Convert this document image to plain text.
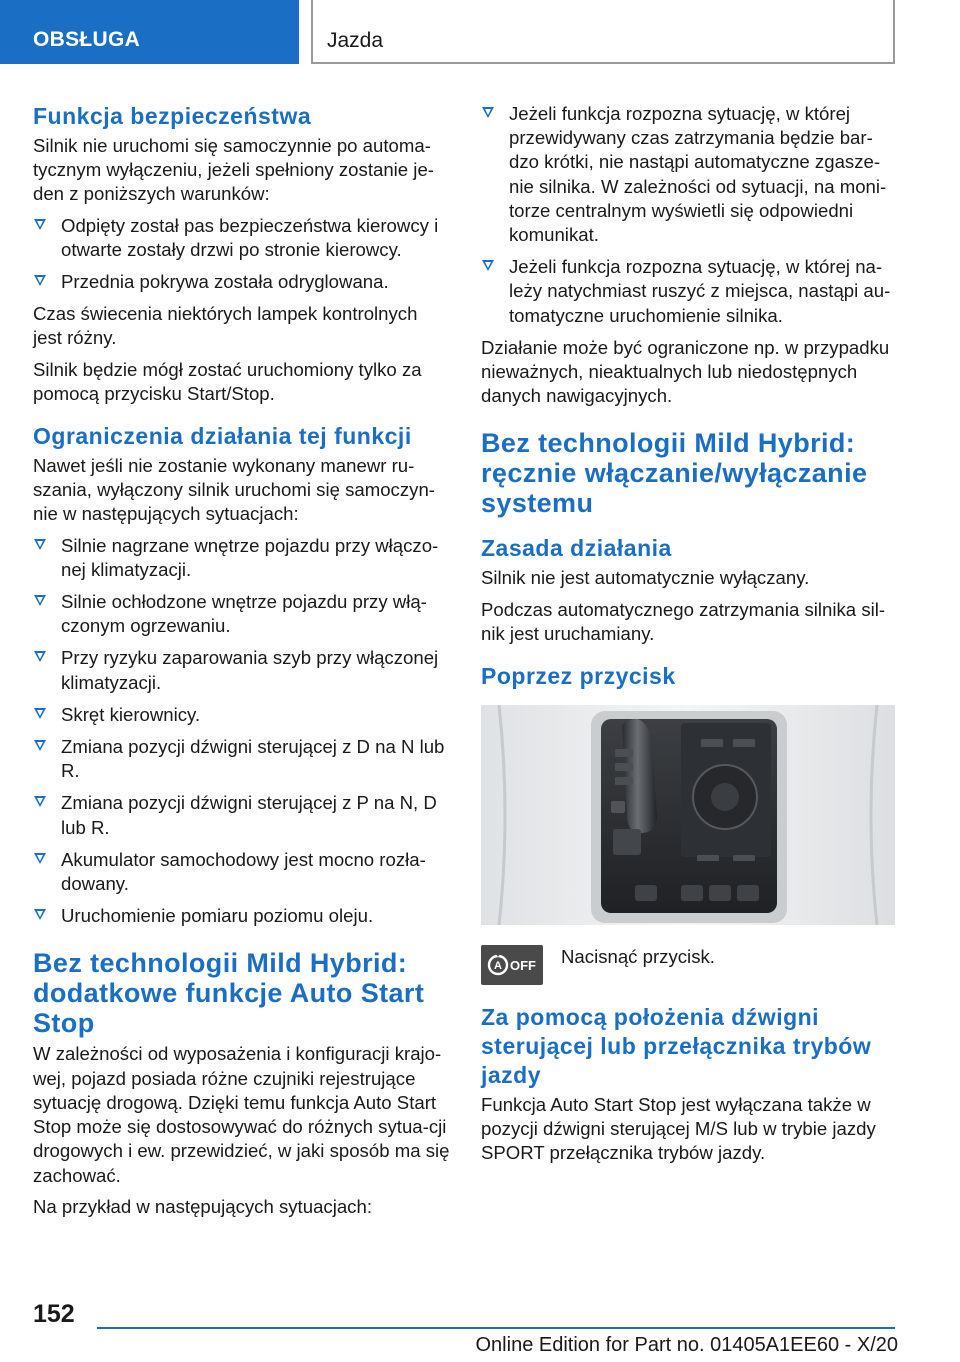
OBSŁUGA	Jazda
Funkcja bezpieczeństwa

Silnik nie uruchomi się samoczynnie po automa-tycznym wyłączeniu, jeżeli spełniony zostanie je-den z poniższych warunków:

Odpięty został pas bezpieczeństwa kierowcy i otwarte zostały drzwi po stronie kierowcy.
Przednia pokrywa została odryglowana.

Czas świecenia niektórych lampek kontrolnych jest różny.

Silnik będzie mógł zostać uruchomiony tylko za pomocą przycisku Start/Stop.

Ograniczenia działania tej funkcji

Nawet jeśli nie zostanie wykonany manewr ru-szania, wyłączony silnik uruchomi się samoczyn-nie w następujących sytuacjach:

Silnie nagrzane wnętrze pojazdu przy włączo-nej klimatyzacji.
Silnie ochłodzone wnętrze pojazdu przy włą-czonym ogrzewaniu.
Przy ryzyku zaparowania szyb przy włączonej klimatyzacji.
Skręt kierownicy.
Zmiana pozycji dźwigni sterującej z D na N lub R.
Zmiana pozycji dźwigni sterującej z P na N, D lub R.
Akumulator samochodowy jest mocno rozła-dowany.
Uruchomienie pomiaru poziomu oleju.
Bez technologii Mild Hybrid: dodatkowe funkcje Auto Start Stop

W zależności od wyposażenia i konfiguracji krajo-wej, pojazd posiada różne czujniki rejestrujące sytuację drogową. Dzięki temu funkcja Auto Start Stop może się dostosowywać do różnych sytua-cji drogowych i ew. przewidzieć, w jaki sposób ma się zachować.

Na przykład w następujących sytuacjach:

Jeżeli funkcja rozpozna sytuację, w której przewidywany czas zatrzymania będzie bar-dzo krótki, nie nastąpi automatyczne zgasze-nie silnika. W zależności od sytuacji, na moni-torze centralnym wyświetli się odpowiedni komunikat.
Jeżeli funkcja rozpozna sytuację, w której na-leży natychmiast ruszyć z miejsca, nastąpi au-tomatyczne uruchomienie silnika.

Działanie może być ograniczone np. w przypadku nieważnych, nieaktualnych lub niedostępnych danych nawigacyjnych.

Bez technologii Mild Hybrid: ręcznie włączanie/wyłączanie systemu
Zasada działania

Silnik nie jest automatycznie wyłączany.

Podczas automatycznego zatrzymania silnika sil-nik jest uruchamiany.

Poprzez przycisk
A OFF Nacisnąć przycisk.
Za pomocą położenia dźwigni sterującej lub przełącznika trybów jazdy

Funkcja Auto Start Stop jest wyłączana także w pozycji dźwigni sterującej M/S lub w trybie jazdy SPORT przełącznika trybów jazdy.

152
Online Edition for Part no. 01405A1EE60 - X/20
